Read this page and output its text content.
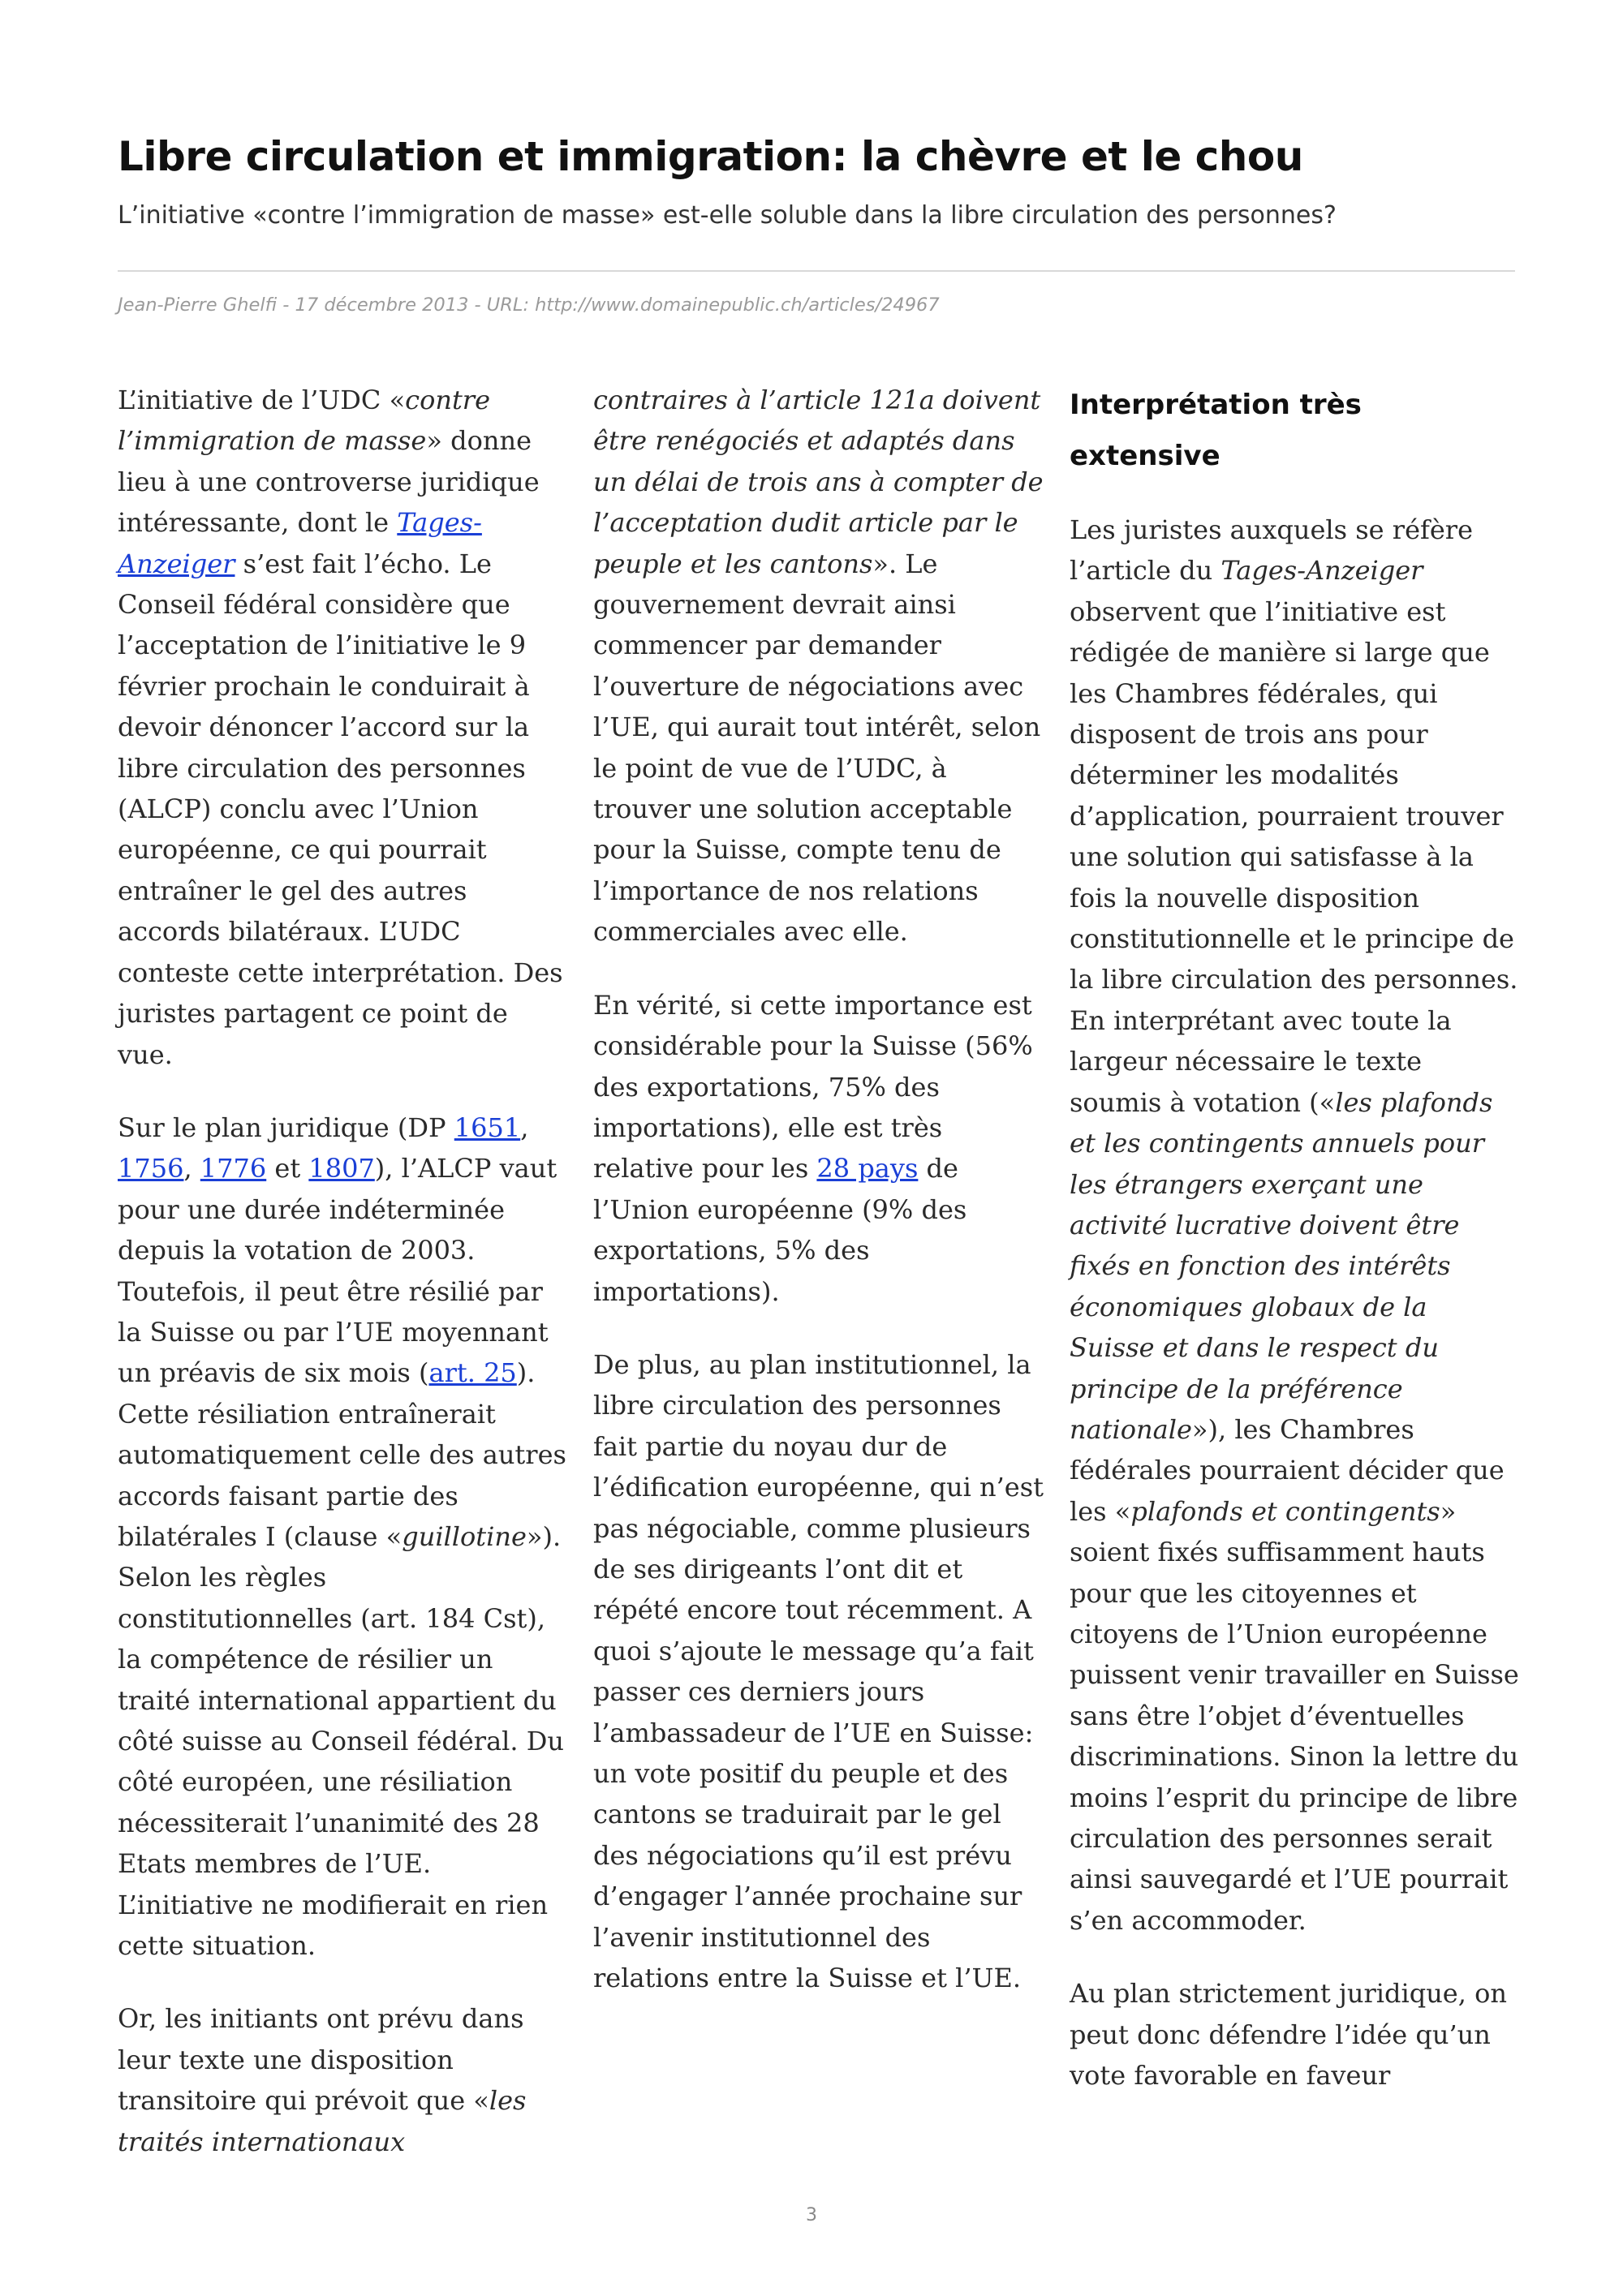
Libre circulation et immigration: la chèvre et le chou

L’initiative «contre l’immigration de masse» est-elle soluble dans la libre circulation des personnes?

Jean-Pierre Ghelfi - 17 décembre 2013 - URL: http://www.domainepublic.ch/articles/24967

L’initiative de l’UDC «contre l’immigration de masse» donne lieu à une controverse juridique intéressante, dont le Tages-Anzeiger s’est fait l’écho. Le Conseil fédéral considère que l’acceptation de l’initiative le 9 février prochain le conduirait à devoir dénoncer l’accord sur la libre circulation des personnes (ALCP) conclu avec l’Union européenne, ce qui pourrait entraîner le gel des autres accords bilatéraux. L’UDC conteste cette interprétation. Des juristes partagent ce point de vue.

Sur le plan juridique (DP 1651, 1756, 1776 et 1807), l’ALCP vaut pour une durée indéterminée depuis la votation de 2003. Toutefois, il peut être résilié par la Suisse ou par l’UE moyennant un préavis de six mois (art. 25). Cette résiliation entraînerait automatiquement celle des autres accords faisant partie des bilatérales I (clause «guillotine»). Selon les règles constitutionnelles (art. 184 Cst), la compétence de résilier un traité international appartient du côté suisse au Conseil fédéral. Du côté européen, une résiliation nécessiterait l’unanimité des 28 Etats membres de l’UE. L’initiative ne modifierait en rien cette situation.

Or, les initiants ont prévu dans leur texte une disposition transitoire qui prévoit que «les traités internationaux

contraires à l’article 121a doivent être renégociés et adaptés dans un délai de trois ans à compter de l’acceptation dudit article par le peuple et les cantons». Le gouvernement devrait ainsi commencer par demander l’ouverture de négociations avec l’UE, qui aurait tout intérêt, selon le point de vue de l’UDC, à trouver une solution acceptable pour la Suisse, compte tenu de l’importance de nos relations commerciales avec elle.

En vérité, si cette importance est considérable pour la Suisse (56% des exportations, 75% des importations), elle est très relative pour les 28 pays de l’Union européenne (9% des exportations, 5% des importations).

De plus, au plan institutionnel, la libre circulation des personnes fait partie du noyau dur de l’édification européenne, qui n’est pas négociable, comme plusieurs de ses dirigeants l’ont dit et répété encore tout récemment. A quoi s’ajoute le message qu’a fait passer ces derniers jours l’ambassadeur de l’UE en Suisse: un vote positif du peuple et des cantons se traduirait par le gel des négociations qu’il est prévu d’engager l’année prochaine sur l’avenir institutionnel des relations entre la Suisse et l’UE.

Interprétation très extensive

Les juristes auxquels se réfère l’article du Tages-Anzeiger observent que l’initiative est rédigée de manière si large que les Chambres fédérales, qui disposent de trois ans pour déterminer les modalités d’application, pourraient trouver une solution qui satisfasse à la fois la nouvelle disposition constitutionnelle et le principe de la libre circulation des personnes. En interprétant avec toute la largeur nécessaire le texte soumis à votation («les plafonds et les contingents annuels pour les étrangers exerçant une activité lucrative doivent être fixés en fonction des intérêts économiques globaux de la Suisse et dans le respect du principe de la préférence nationale»), les Chambres fédérales pourraient décider que les «plafonds et contingents» soient fixés suffisamment hauts pour que les citoyennes et citoyens de l’Union européenne puissent venir travailler en Suisse sans être l’objet d’éventuelles discriminations. Sinon la lettre du moins l’esprit du principe de libre circulation des personnes serait ainsi sauvegardé et l’UE pourrait s’en accommoder.

Au plan strictement juridique, on peut donc défendre l’idée qu’un vote favorable en faveur

3
